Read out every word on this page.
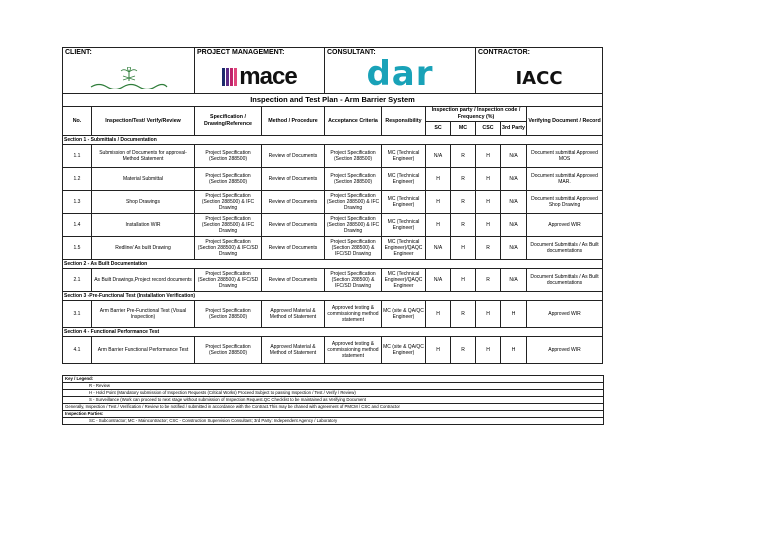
CLIENT:		PROJECT MANAGEMENT:
mace		CONSULTANT:
dar				CONTRACTOR:
IACC		

Inspection and Test Plan - Arm Barrier System										
No.	Inspection/Test/ Verify/Review	Specification / Drawing/Reference	Method / Procedure	Acceptance Criteria	Responsibility	Inspection party / Inspection code / Frequency (%)				Verifying Document / Record
						SC	MC	CSC	3rd Party	
Section 1 - Submittals / Documentation										
1.1	Submission of Documents for approval- Method Statement	Project Specification (Section 288500)	Review of Documents	Project Specification (Section 288500)	MC (Technical Engineer)	N/A	R	H	N/A	Document submittal Approved MOS
1.2	Material Submittal	Project Specification (Section 288500)	Review of Documents	Project Specification (Section 288500)	MC (Technical Engineer)	H	R	H	N/A	Document submittal Approved MAR.
1.3	Shop Drawings	Project Specification (Section 288500) & IFC Drawing	Review of Documents	Project Specification (Section 288500) & IFC Drawing	MC (Technical Engineer)	H	R	H	N/A	Document submittal Approved Shop Drawing
1.4	Installation WIR	Project Specification (Section 288500) & IFC Drawing	Review of Documents	Project Specification (Section 288500) & IFC Drawing	MC (Technical Engineer)	H	R	H	N/A	Approved WIR
1.5	Redline/ As built Drawing	Project Specification (Section 288500) & IFC/SD Drawing	Review of Documents	Project Specification (Section 288500) & IFC/SD Drawing	MC (Technical Engineer)/QAQC Engineer	N/A	H	R	N/A	Document Submittals / As Built documentations
Section 2 - As Built Documentation										
2.1	As Built Drawings,Project record documents	Project Specification (Section 288500) & IFC/SD Drawing	Review of Documents	Project Specification (Section 288500) & IFC/SD Drawing	MC (Technical Engineer)/QAQC Engineer	N/A	H	R	N/A	Document Submittals / As Built documentations
Section 3 -Pre-Functional Test (Installation Verification)										
3.1	Arm Barrier Pre-Functional Test (Visual Inspection)	Project Specification (Section 288500)	Approved Material & Method of Statement	Approved testing & commissioning method statement	MC (site & QA/QC Engineer)	H	R	H	H	Approved WIR
Section 4 - Functional Performance Test										
4.1	Arm Barrier Functional Performance Test	Project Specification (Section 288500)	Approved Material & Method of Statement	Approved testing & commissioning method statement	MC (site & QA/QC Engineer)	H	R	H	H	Approved WIR
Key / Legend:
R - Review
H - Hold Point (Mandatory submission of Inspection Requests (Critical Works) Proceed Subject to passing Inspection / Test / Verify / Review)
S - Surveillance (Work can proceed to next stage without submission of Inspection Request.QC Checklist to be maintained as Verifying Document
Generally, Inspection / Test / Verification / Review to be notified / submitted in accordance with the Contract.This may be chaned with agreement of PMCM / CSC and Contractor
Inspection Parties:
SC - Subcontractor; MC - Maincontractor; CSC - Construction Supervision Consultant; 3rd Party: Independent Agency / Laboratory
